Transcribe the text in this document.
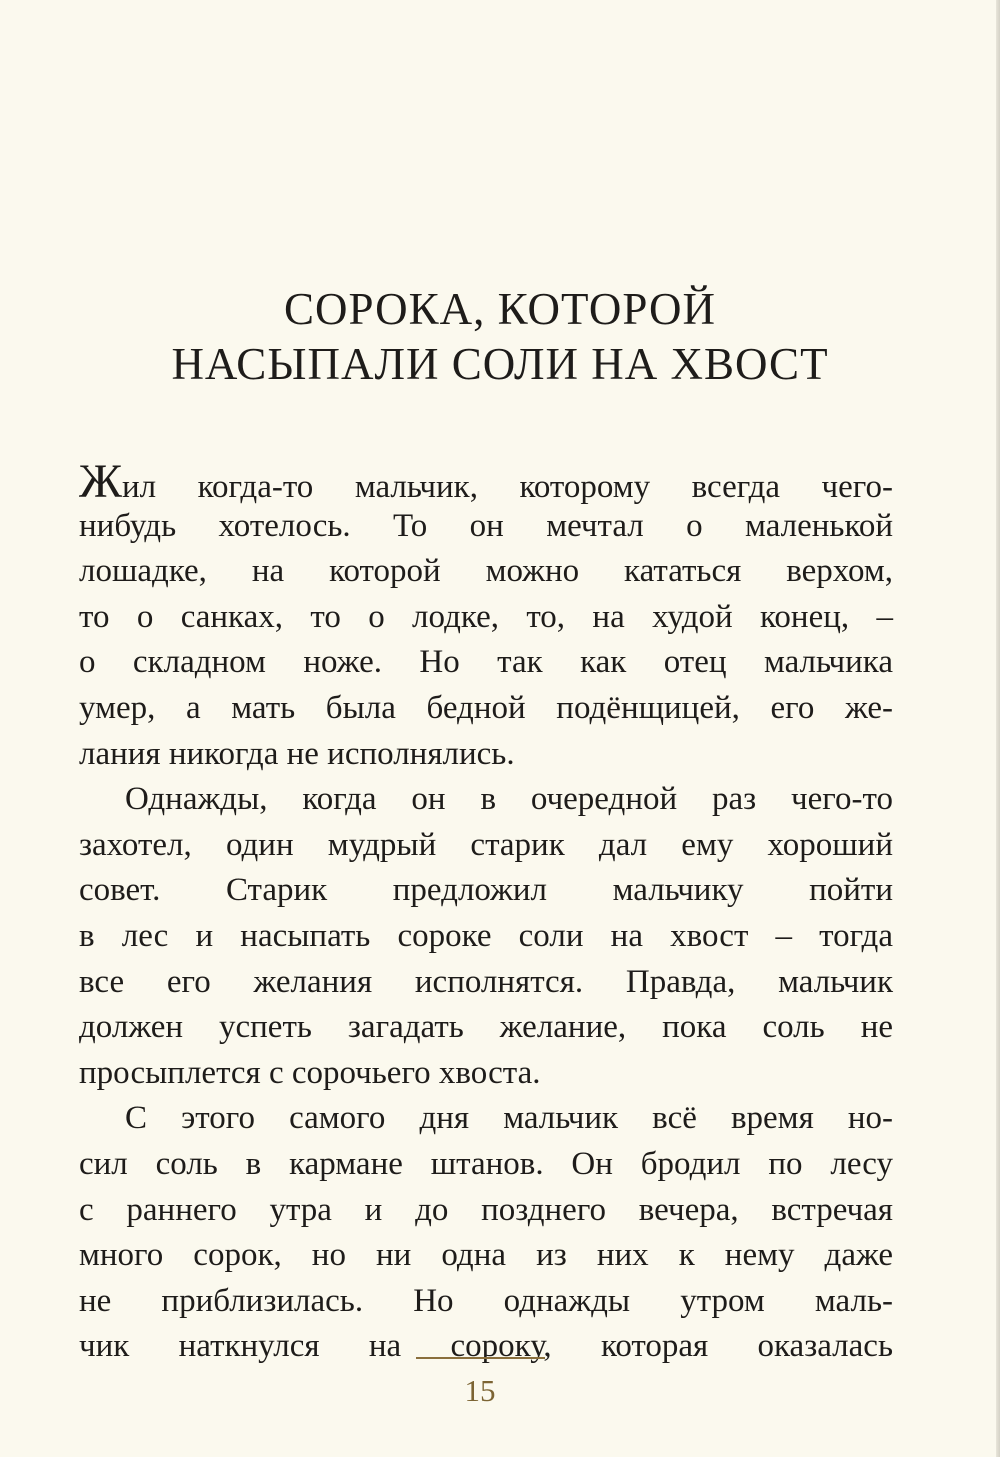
СОРОКА, КОТОРОЙ
НАСЫПАЛИ СОЛИ НА ХВОСТ
Жил когда-то мальчик, которому всегда чего-
нибудь хотелось. То он мечтал о маленькой
лошадке, на которой можно кататься верхом,
то о санках, то о лодке, то, на худой конец, –
о складном ноже. Но так как отец мальчика
умер, а мать была бедной подёнщицей, его же-
лания никогда не исполнялись.
Однажды, когда он в очередной раз чего-то
захотел, один мудрый старик дал ему хороший
совет. Старик предложил мальчику пойти
в лес и насыпать сороке соли на хвост – тогда
все его желания исполнятся. Правда, мальчик
должен успеть загадать желание, пока соль не
просыплется с сорочьего хвоста.
С этого самого дня мальчик всё время но-
сил соль в кармане штанов. Он бродил по лесу
с раннего утра и до позднего вечера, встречая
много сорок, но ни одна из них к нему даже
не приблизилась. Но однажды утром маль-
чик наткнулся на сороку, которая оказалась
15
